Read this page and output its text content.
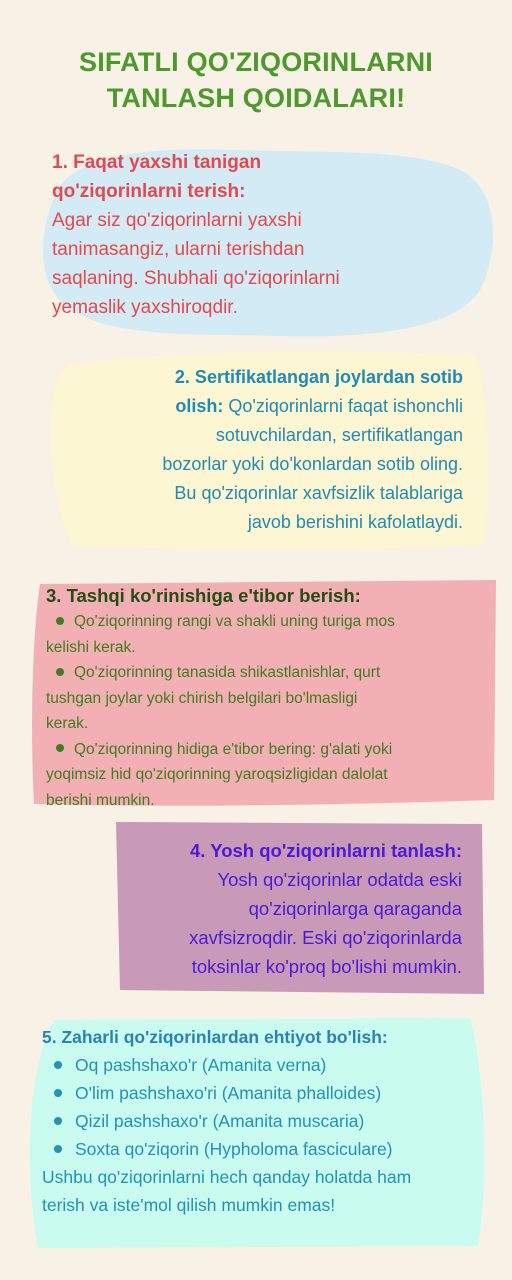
SIFATLI QO'ZIQORINLARNI
TANLASH QOIDALARI!
1. Faqat yaxshi tanigan
qo'ziqorinlarni terish:
Agar siz qo'ziqorinlarni yaxshi
tanimasangiz, ularni terishdan
saqlaning. Shubhali qo'ziqorinlarni
yemaslik yaxshiroqdir.
2. Sertifikatlangan joylardan sotib
olish: Qo'ziqorinlarni faqat ishonchli
sotuvchilardan, sertifikatlangan
bozorlar yoki do'konlardan sotib oling.
Bu qo'ziqorinlar xavfsizlik talablariga
javob berishini kafolatlaydi.
3. Tashqi ko'rinishiga e'tibor berish:
Qo'ziqorinning rangi va shakli uning turiga mos
kelishi kerak.
Qo'ziqorinning tanasida shikastlanishlar, qurt
tushgan joylar yoki chirish belgilari bo'lmasligi
kerak.
Qo'ziqorinning hidiga e'tibor bering: g'alati yoki
yoqimsiz hid qo'ziqorinning yaroqsizligidan dalolat
berishi mumkin.
4. Yosh qo'ziqorinlarni tanlash:
Yosh qo'ziqorinlar odatda eski
qo'ziqorinlarga qaraganda
xavfsizroqdir. Eski qo'ziqorinlarda
toksinlar ko'proq bo'lishi mumkin.
5. Zaharli qo'ziqorinlardan ehtiyot bo'lish:
Oq pashshaxo'r (Amanita verna)
O'lim pashshaxo'ri (Amanita phalloides)
Qizil pashshaxo'r (Amanita muscaria)
Soxta qo'ziqorin (Hypholoma fasciculare)
Ushbu qo'ziqorinlarni hech qanday holatda ham
terish va iste'mol qilish mumkin emas!
